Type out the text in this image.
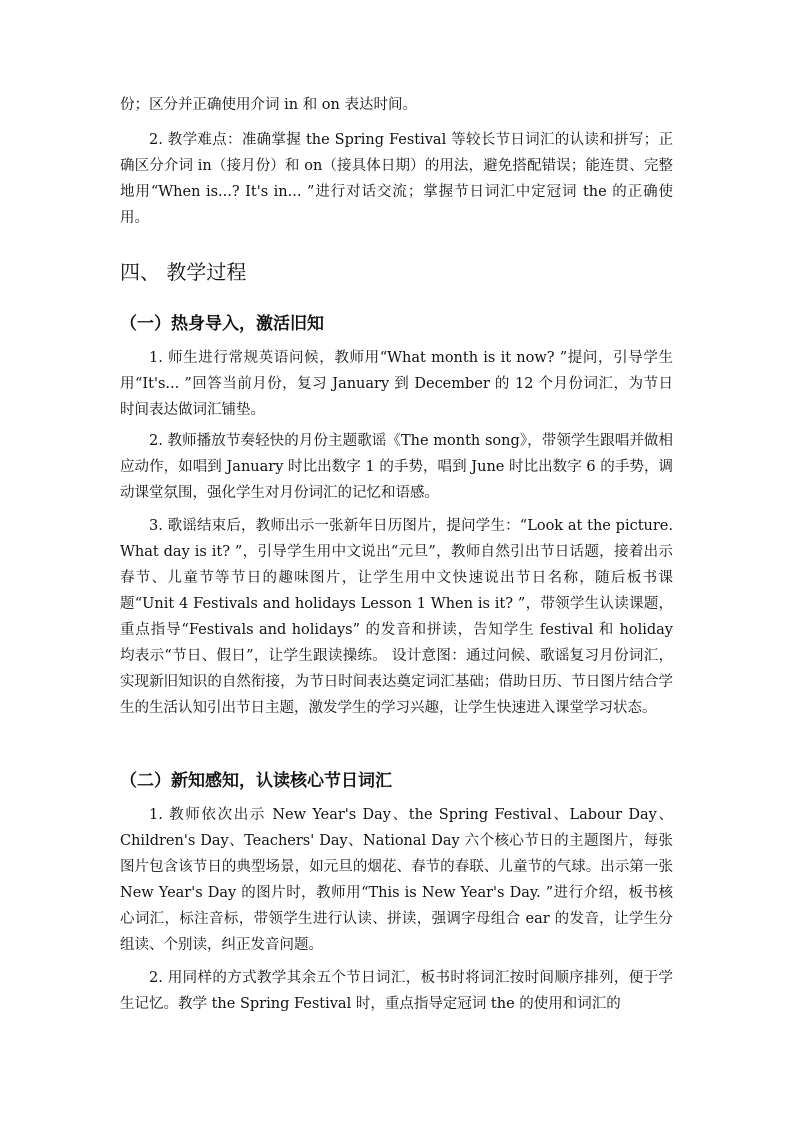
份；区分并正确使用介词 in 和 on 表达时间。

2. 教学难点：准确掌握 the Spring Festival 等较长节日词汇的认读和拼写；正确区分介词 in（接月份）和 on（接具体日期）的用法，避免搭配错误；能连贯、完整地用“When is...? It's in... ”进行对话交流；掌握节日词汇中定冠词 the 的正确使用。

四、 教学过程
（一）热身导入，激活旧知

1. 师生进行常规英语问候，教师用“What month is it now? ”提问，引导学生用“It's... ”回答当前月份，复习 January 到 December 的 12 个月份词汇，为节日时间表达做词汇铺垫。

2. 教师播放节奏轻快的月份主题歌谣《The month song》，带领学生跟唱并做相应动作，如唱到 January 时比出数字 1 的手势，唱到 June 时比出数字 6 的手势，调动课堂氛围，强化学生对月份词汇的记忆和语感。

3. 歌谣结束后，教师出示一张新年日历图片，提问学生：“Look at the picture. What day is it? ”，引导学生用中文说出“元旦”，教师自然引出节日话题，接着出示春节、儿童节等节日的趣味图片，让学生用中文快速说出节日名称，随后板书课题“Unit 4 Festivals and holidays Lesson 1 When is it? ”，带领学生认读课题，重点指导“Festivals and holidays” 的发音和拼读，告知学生 festival 和 holiday 均表示“节日、假日”，让学生跟读操练。 设计意图：通过问候、歌谣复习月份词汇，实现新旧知识的自然衔接，为节日时间表达奠定词汇基础；借助日历、节日图片结合学生的生活认知引出节日主题，激发学生的学习兴趣，让学生快速进入课堂学习状态。

（二）新知感知，认读核心节日词汇

1. 教师依次出示 New Year's Day、the Spring Festival、Labour Day、Children's Day、Teachers' Day、National Day 六个核心节日的主题图片，每张图片包含该节日的典型场景，如元旦的烟花、春节的春联、儿童节的气球。出示第一张 New Year's Day 的图片时，教师用“This is New Year's Day. ”进行介绍，板书核心词汇，标注音标，带领学生进行认读、拼读，强调字母组合 ear 的发音，让学生分组读、个别读，纠正发音问题。

2. 用同样的方式教学其余五个节日词汇，板书时将词汇按时间顺序排列，便于学生记忆。教学 the Spring Festival 时，重点指导定冠词 the 的使用和词汇的
